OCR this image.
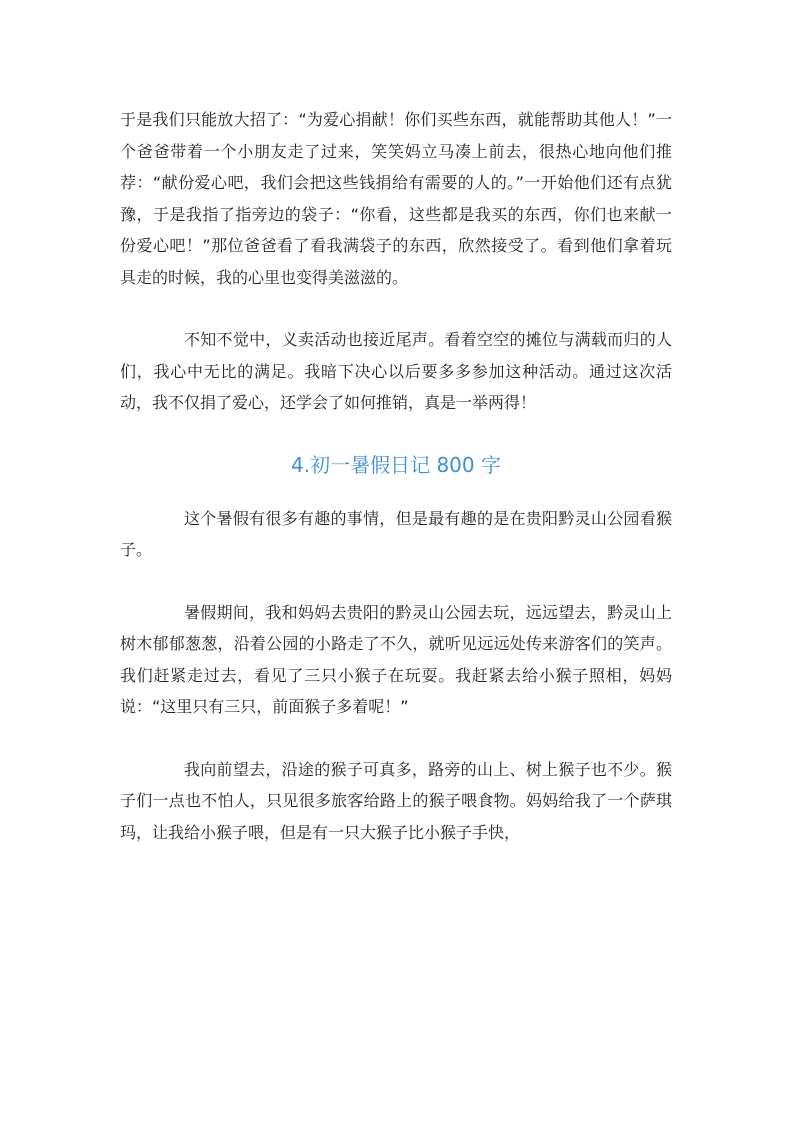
于是我们只能放大招了：“为爱心捐献！你们买些东西，就能帮助其他人！”一个爸爸带着一个小朋友走了过来，笑笑妈立马凑上前去，很热心地向他们推荐：“献份爱心吧，我们会把这些钱捐给有需要的人的。”一开始他们还有点犹豫，于是我指了指旁边的袋子：“你看，这些都是我买的东西，你们也来献一份爱心吧！”那位爸爸看了看我满袋子的东西，欣然接受了。看到他们拿着玩具走的时候，我的心里也变得美滋滋的。

不知不觉中，义卖活动也接近尾声。看着空空的摊位与满载而归的人们，我心中无比的满足。我暗下决心以后要多多参加这种活动。通过这次活动，我不仅捐了爱心，还学会了如何推销，真是一举两得！

4.初一暑假日记 800 字

这个暑假有很多有趣的事情，但是最有趣的是在贵阳黔灵山公园看猴子。

暑假期间，我和妈妈去贵阳的黔灵山公园去玩，远远望去，黔灵山上树木郁郁葱葱，沿着公园的小路走了不久，就听见远远处传来游客们的笑声。我们赶紧走过去，看见了三只小猴子在玩耍。我赶紧去给小猴子照相，妈妈说：“这里只有三只，前面猴子多着呢！”

我向前望去，沿途的猴子可真多，路旁的山上、树上猴子也不少。猴子们一点也不怕人，只见很多旅客给路上的猴子喂食物。妈妈给我了一个萨琪玛，让我给小猴子喂，但是有一只大猴子比小猴子手快，
